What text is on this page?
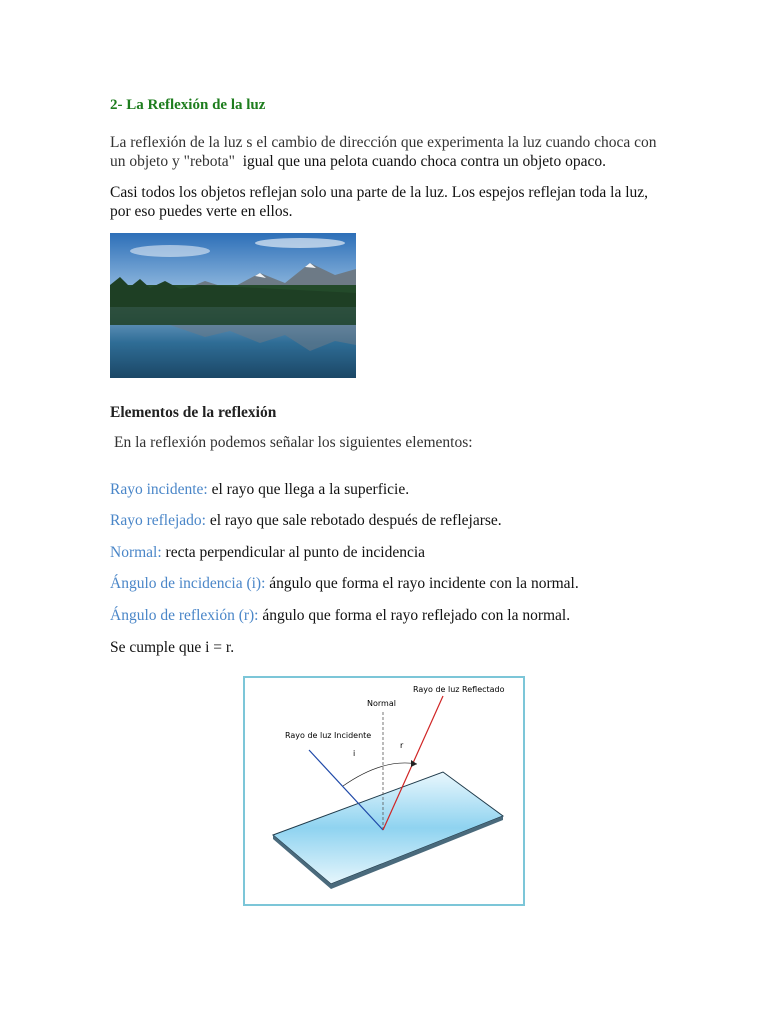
2- La Reflexión de la luz
La reflexión de la luz s el cambio de dirección que experimenta la luz cuando choca con
un objeto y "rebota" igual que una pelota cuando choca contra un objeto opaco.
Casi todos los objetos reflejan solo una parte de la luz. Los espejos reflejan toda la luz,
por eso puedes verte en ellos.
Elementos de la reflexión
En la reflexión podemos señalar los siguientes elementos:
Rayo incidente: el rayo que llega a la superficie.
Rayo reflejado: el rayo que sale rebotado después de reflejarse.
Normal: recta perpendicular al punto de incidencia
Ángulo de incidencia (i): ángulo que forma el rayo incidente con la normal.
Ángulo de reflexión (r): ángulo que forma el rayo reflejado con la normal.
Se cumple que i = r.
Normal
Rayo de luz Reflectado
Rayo de luz Incidente
i
r
